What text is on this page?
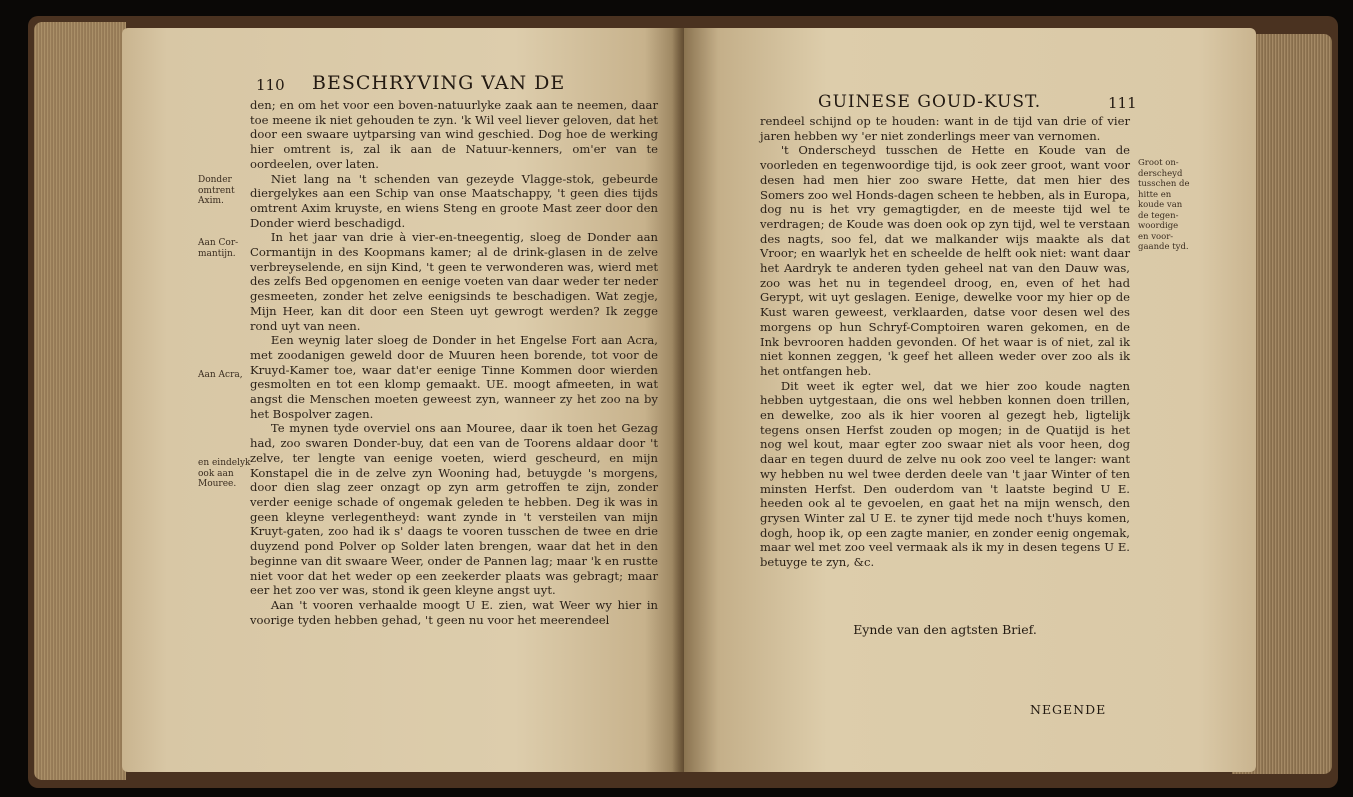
110 BESCHRYVING VAN DE
Donder
omtrent
Axim.
Aan Cor-
mantijn.
Aan Acra,
en eindelyk
ook aan
Mouree.

den; en om het voor een boven-natuurlyke zaak aan te neemen, daar toe meene ik niet gehouden te zyn. 'k Wil veel liever geloven, dat het door een swaare uytparsing van wind geschied. Dog hoe de werking hier omtrent is, zal ik aan de Natuur-kenners, om'er van te oordeelen, over laten.

Niet lang na 't schenden van gezeyde Vlagge-stok, gebeurde diergelykes aan een Schip van onse Maatschappy, 't geen dies tijds omtrent Axim kruyste, en wiens Steng en groote Mast zeer door den Donder wierd beschadigd.

In het jaar van drie à vier-en-tneegentig, sloeg de Donder aan Cormantijn in des Koopmans kamer; al de drink-glasen in de zelve verbreyselende, en sijn Kind, 't geen te verwonderen was, wierd met des zelfs Bed opgenomen en eenige voeten van daar weder ter neder gesmeeten, zonder het zelve eenigsinds te beschadigen. Wat zegje, Mijn Heer, kan dit door een Steen uyt gewrogt werden? Ik zegge rond uyt van neen.

Een weynig later sloeg de Donder in het Engelse Fort aan Acra, met zoodanigen geweld door de Muuren heen borende, tot voor de Kruyd-Kamer toe, waar dat'er eenige Tinne Kommen door wierden gesmolten en tot een klomp gemaakt. UE. moogt afmeeten, in wat angst die Menschen moeten geweest zyn, wanneer zy het zoo na by het Bospolver zagen.

Te mynen tyde overviel ons aan Mouree, daar ik toen het Gezag had, zoo swaren Donder-buy, dat een van de Toorens aldaar door 't zelve, ter lengte van eenige voeten, wierd gescheurd, en mijn Konstapel die in de zelve zyn Wooning had, betuygde 's morgens, door dien slag zeer onzagt op zyn arm getroffen te zijn, zonder verder eenige schade of ongemak geleden te hebben. Deg ik was in geen kleyne verlegentheyd: want zynde in 't versteilen van mijn Kruyt-gaten, zoo had ik s' daags te vooren tusschen de twee en drie duyzend pond Polver op Solder laten brengen, waar dat het in den beginne van dit swaare Weer, onder de Pannen lag; maar 'k en rustte niet voor dat het weder op een zeekerder plaats was gebragt; maar eer het zoo ver was, stond ik geen kleyne angst uyt.

Aan 't vooren verhaalde moogt U E. zien, wat Weer wy hier in voorige tyden hebben gehad, 't geen nu voor het meerendeel

GUINESE GOUD-KUST.	111

rendeel schijnd op te houden: want in de tijd van drie of vier jaren hebben wy 'er niet zonderlings meer van vernomen.

't Onderscheyd tusschen de Hette en Koude van de voorleden en tegenwoordige tijd, is ook zeer groot, want voor desen had men hier zoo sware Hette, dat men hier des Somers zoo wel Honds-dagen scheen te hebben, als in Europa, dog nu is het vry gemagtigder, en de meeste tijd wel te verdragen; de Koude was doen ook op zyn tijd, wel te verstaan des nagts, soo fel, dat we malkander wijs maakte als dat Vroor; en waarlyk het en scheelde de helft ook niet: want daar het Aardryk te anderen tyden geheel nat van den Dauw was, zoo was het nu in tegendeel droog, en, even of het had Gerypt, wit uyt geslagen. Eenige, dewelke voor my hier op de Kust waren geweest, verklaarden, datse voor desen wel des morgens op hun Schryf-Comptoiren waren gekomen, en de Ink bevrooren hadden gevonden. Of het waar is of niet, zal ik niet konnen zeggen, 'k geef het alleen weder over zoo als ik het ontfangen heb.

Dit weet ik egter wel, dat we hier zoo koude nagten hebben uytgestaan, die ons wel hebben konnen doen trillen, en dewelke, zoo als ik hier vooren al gezegt heb, ligtelijk tegens onsen Herfst zouden op mogen; in de Quatijd is het nog wel kout, maar egter zoo swaar niet als voor heen, dog daar en tegen duurd de zelve nu ook zoo veel te langer: want wy hebben nu wel twee derden deele van 't jaar Winter of ten minsten Herfst. Den ouderdom van 't laatste begind U E. heeden ook al te gevoelen, en gaat het na mijn wensch, den grysen Winter zal U E. te zyner tijd mede noch t'huys komen, dogh, hoop ik, op een zagte manier, en zonder eenig ongemak, maar wel met zoo veel vermaak als ik my in desen tegens U E. betuyge te zyn, &c.

Groot on-
derscheyd
tusschen de
hitte en
koude van
de tegen-
woordige
en voor-
gaande tyd.
Eynde van den agtsten Brief.
NEGENDE
